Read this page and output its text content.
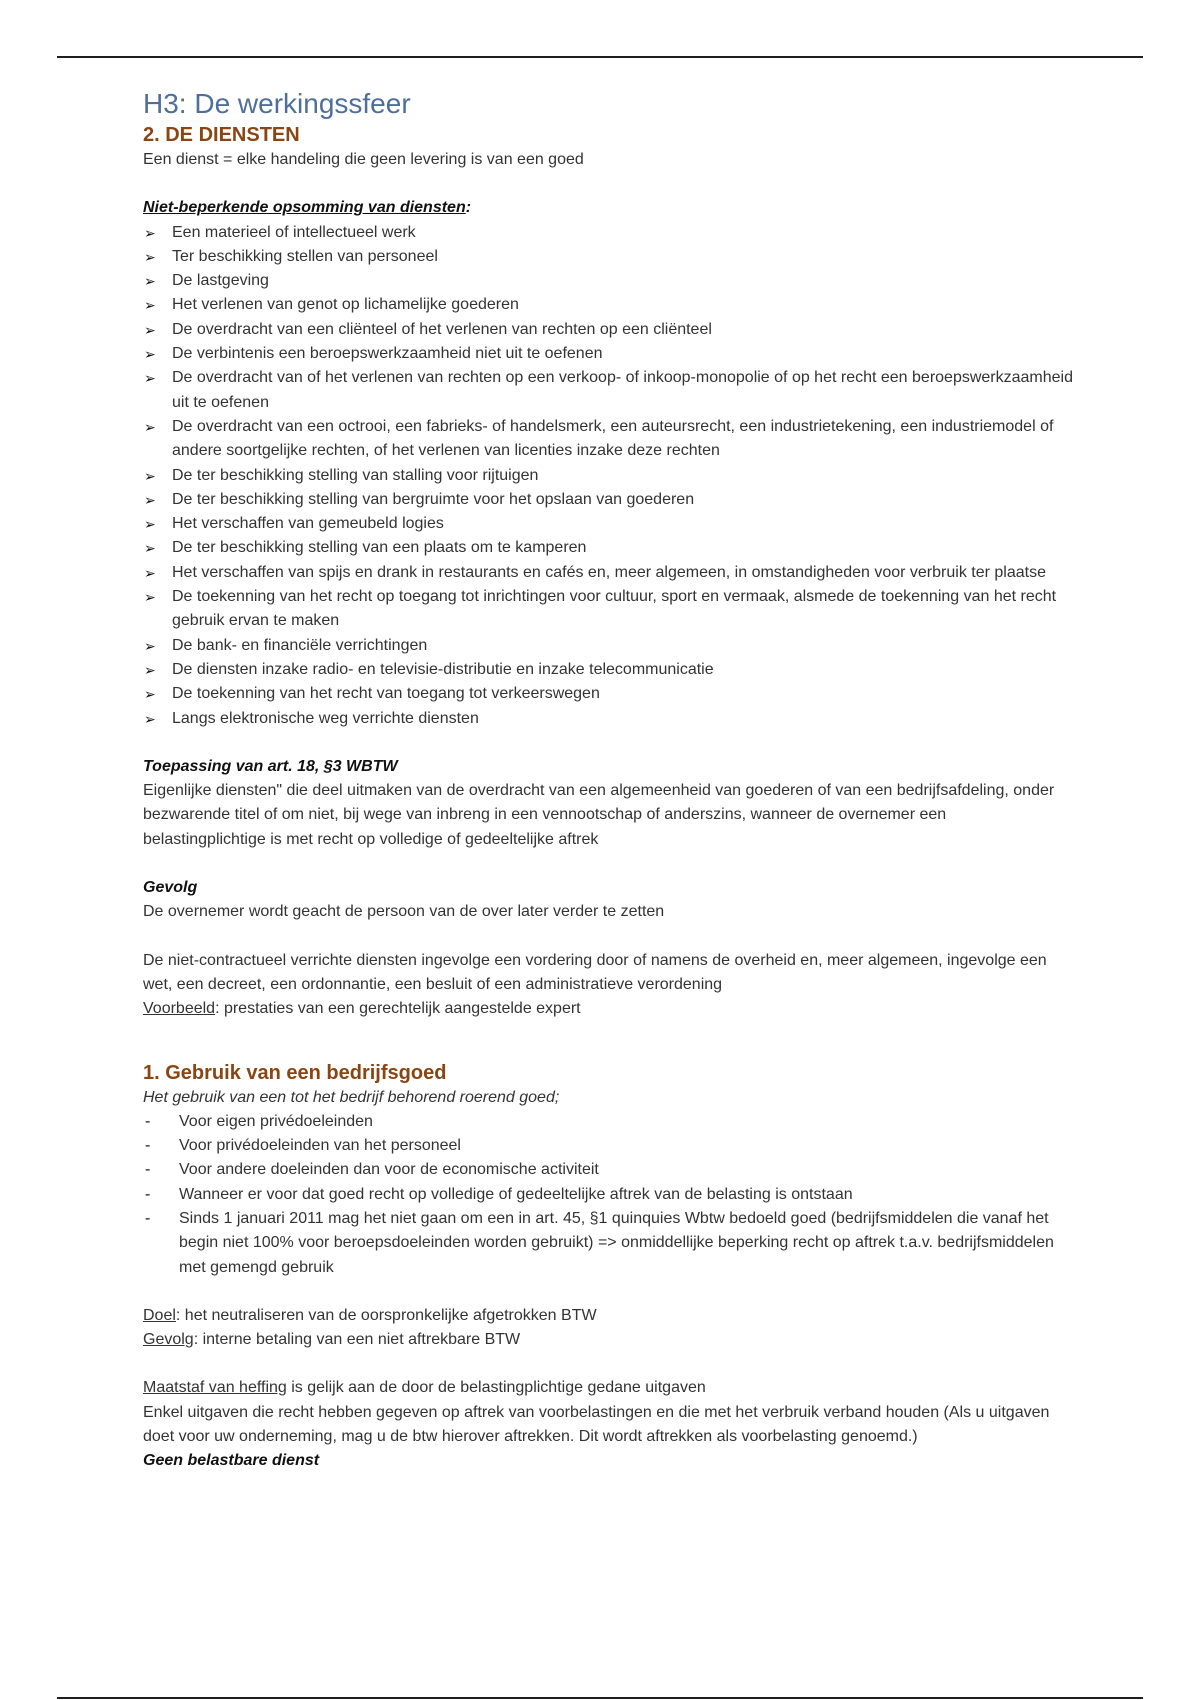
H3: De werkingssfeer
2. DE DIENSTEN

Een dienst = elke handeling die geen levering is van een goed

Niet-beperkende opsomming van diensten:

➢ Een materieel of intellectueel werk
➢ Ter beschikking stellen van personeel
➢ De lastgeving
➢ Het verlenen van genot op lichamelijke goederen
➢ De overdracht van een cliënteel of het verlenen van rechten op een cliënteel
➢ De verbintenis een beroepswerkzaamheid niet uit te oefenen
➢ De overdracht van of het verlenen van rechten op een verkoop- of inkoop-monopolie of op het recht een beroepswerkzaamheid uit te oefenen
➢ De overdracht van een octrooi, een fabrieks- of handelsmerk, een auteursrecht, een industrietekening, een industriemodel of andere soortgelijke rechten, of het verlenen van licenties inzake deze rechten
➢ De ter beschikking stelling van stalling voor rijtuigen
➢ De ter beschikking stelling van bergruimte voor het opslaan van goederen
➢ Het verschaffen van gemeubeld logies
➢ De ter beschikking stelling van een plaats om te kamperen
➢ Het verschaffen van spijs en drank in restaurants en cafés en, meer algemeen, in omstandigheden voor verbruik ter plaatse
➢ De toekenning van het recht op toegang tot inrichtingen voor cultuur, sport en vermaak, alsmede de toekenning van het recht gebruik ervan te maken
➢ De bank- en financiële verrichtingen
➢ De diensten inzake radio- en televisie-distributie en inzake telecommunicatie
➢ De toekenning van het recht van toegang tot verkeerswegen
➢ Langs elektronische weg verrichte diensten

Toepassing van art. 18, §3 WBTW

Eigenlijke diensten" die deel uitmaken van de overdracht van een algemeenheid van goederen of van een bedrijfsafdeling, onder bezwarende titel of om niet, bij wege van inbreng in een vennootschap of anderszins, wanneer de overnemer een belastingplichtige is met recht op volledige of gedeeltelijke aftrek

Gevolg

De overnemer wordt geacht de persoon van de over later verder te zetten

De niet-contractueel verrichte diensten ingevolge een vordering door of namens de overheid en, meer algemeen, ingevolge een wet, een decreet, een ordonnantie, een besluit of een administratieve verordening

Voorbeeld: prestaties van een gerechtelijk aangestelde expert

1. Gebruik van een bedrijfsgoed

Het gebruik van een tot het bedrijf behorend roerend goed;

- Voor eigen privédoeleinden
- Voor privédoeleinden van het personeel
- Voor andere doeleinden dan voor de economische activiteit
- Wanneer er voor dat goed recht op volledige of gedeeltelijke aftrek van de belasting is ontstaan
- Sinds 1 januari 2011 mag het niet gaan om een in art. 45, §1 quinquies Wbtw bedoeld goed (bedrijfsmiddelen die vanaf het begin niet 100% voor beroepsdoeleinden worden gebruikt) => onmiddellijke beperking recht op aftrek t.a.v. bedrijfsmiddelen met gemengd gebruik

Doel: het neutraliseren van de oorspronkelijke afgetrokken BTW

Gevolg: interne betaling van een niet aftrekbare BTW

Maatstaf van heffing is gelijk aan de door de belastingplichtige gedane uitgaven

Enkel uitgaven die recht hebben gegeven op aftrek van voorbelastingen en die met het verbruik verband houden (Als u uitgaven doet voor uw onderneming, mag u de btw hierover aftrekken. Dit wordt aftrekken als voorbelasting genoemd.)

Geen belastbare dienst
